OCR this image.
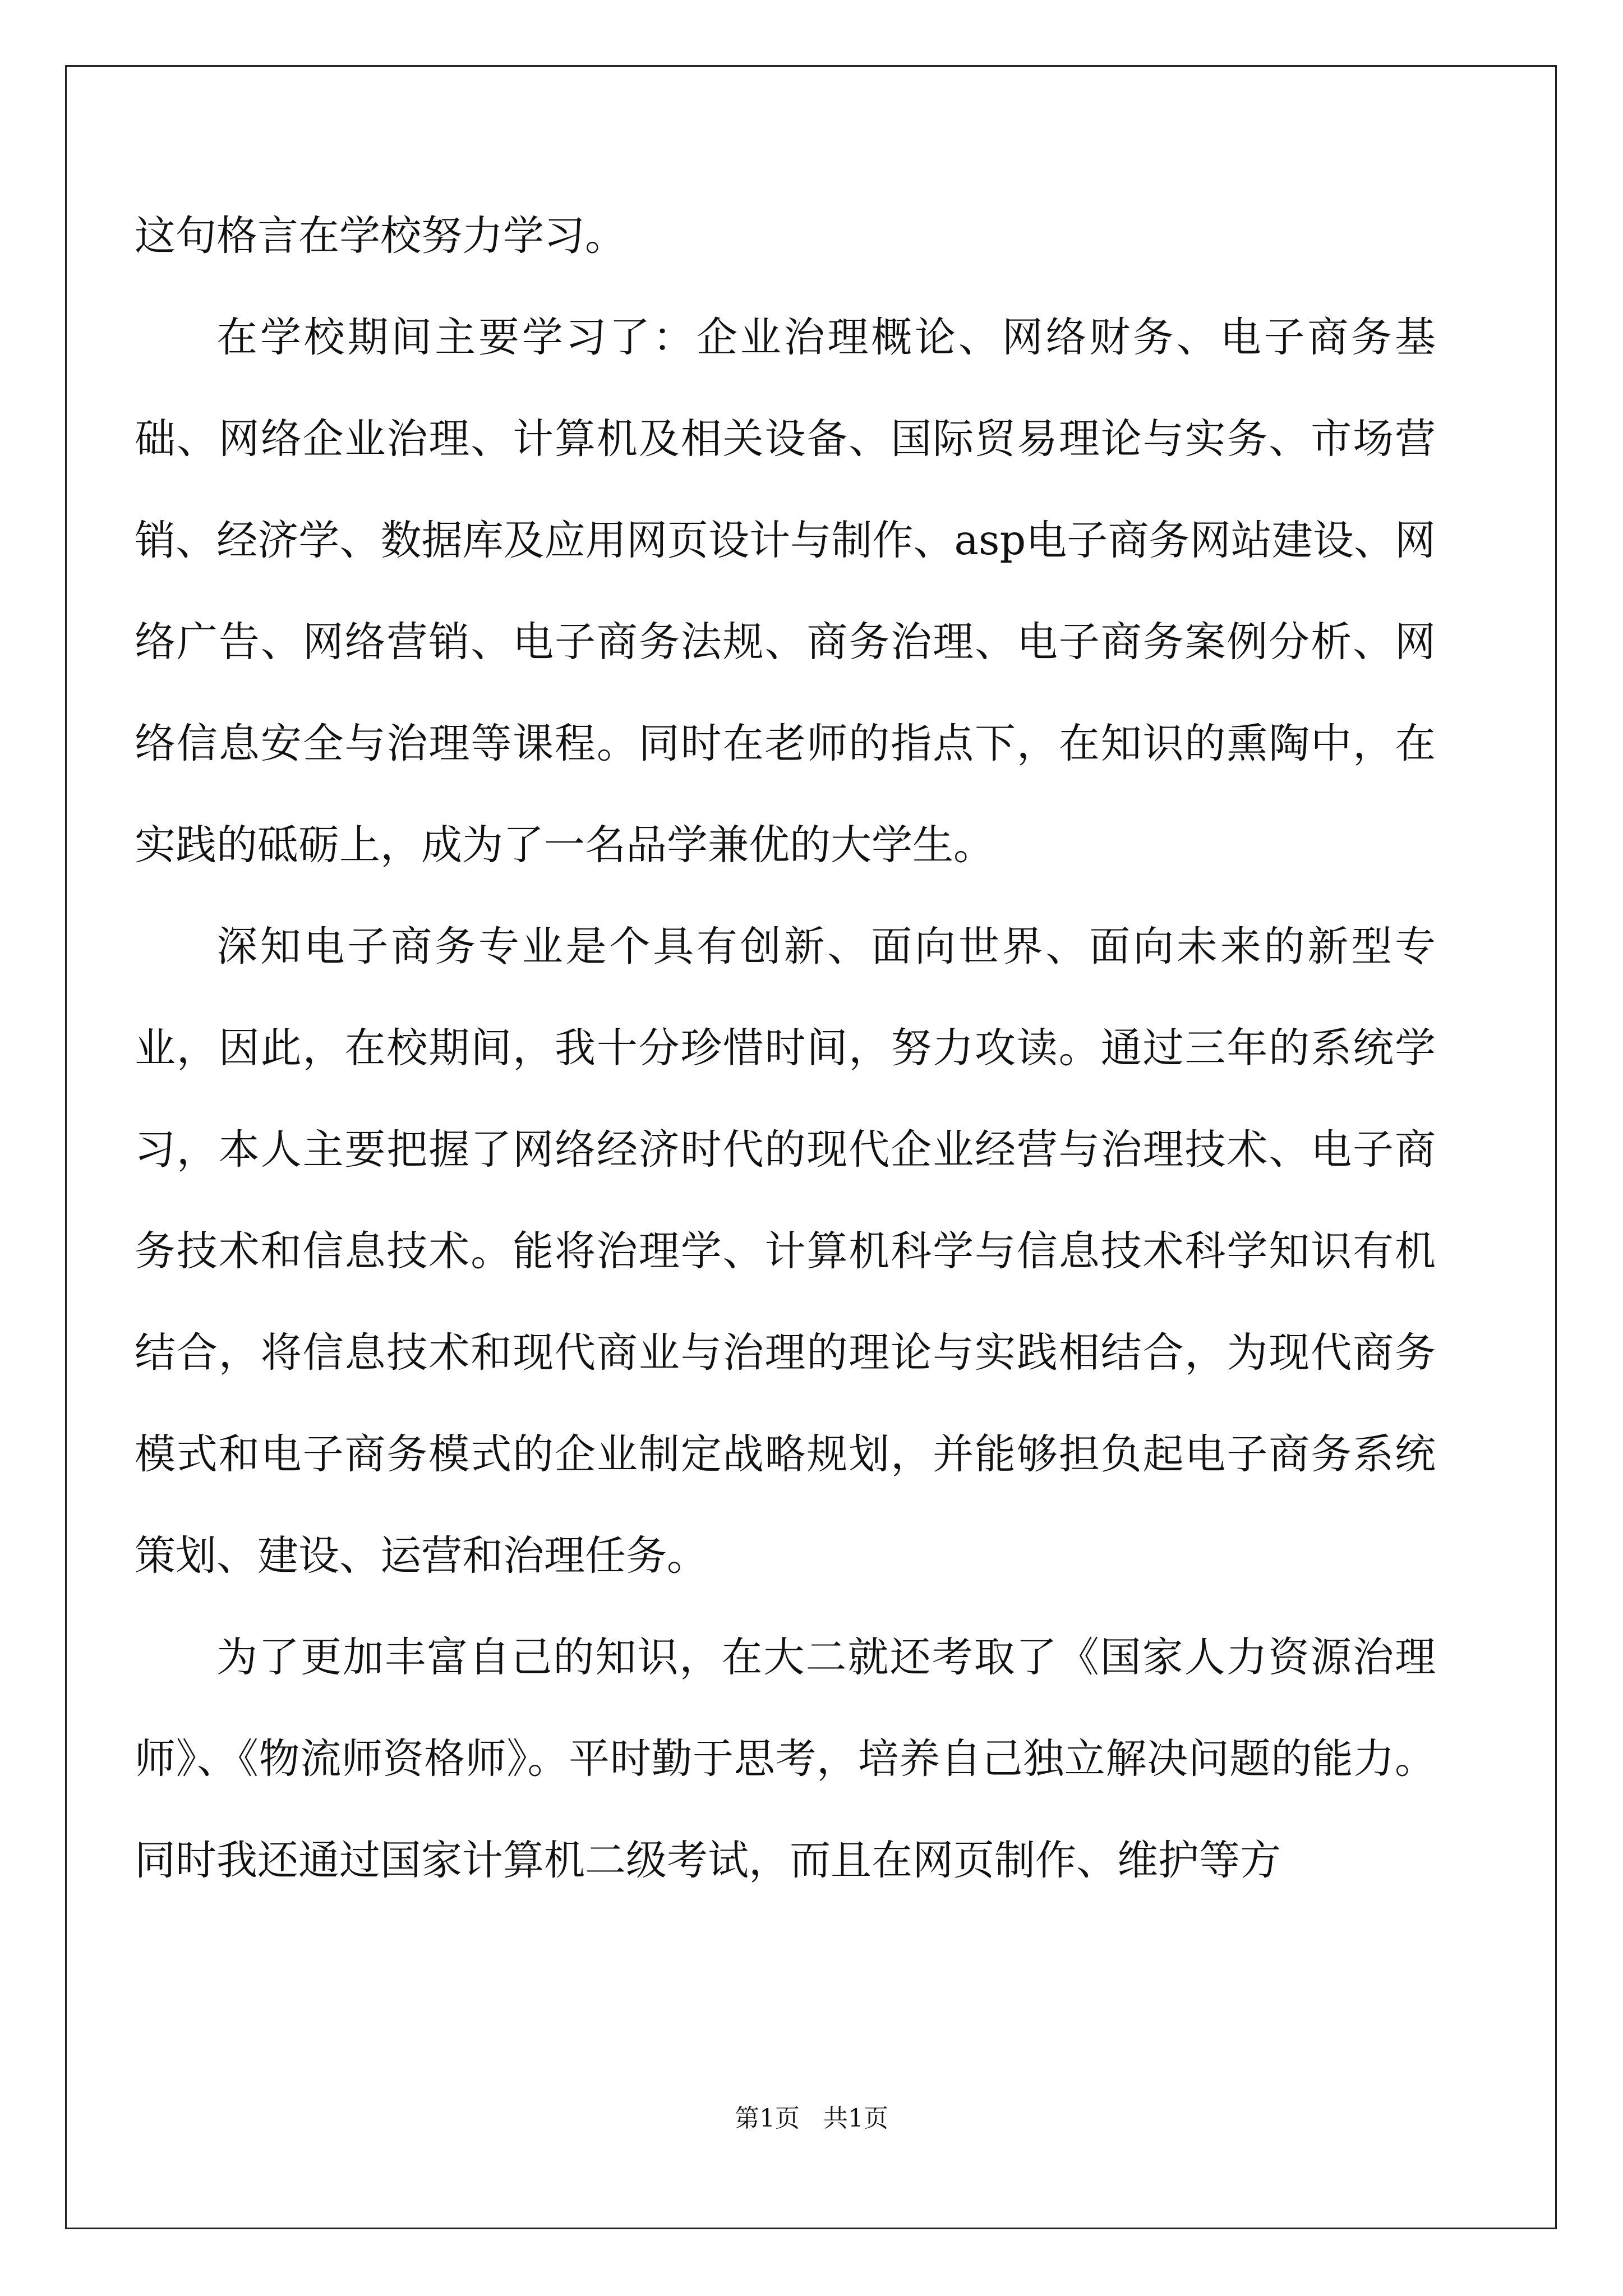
这句格言在学校努力学习。

在学校期间主要学习了：企业治理概论、网络财务、电子商务基础、网络企业治理、计算机及相关设备、国际贸易理论与实务、市场营销、经济学、数据库及应用网页设计与制作、asp电子商务网站建设、网络广告、网络营销、电子商务法规、商务治理、电子商务案例分析、网络信息安全与治理等课程。同时在老师的指点下，在知识的熏陶中，在实践的砥砺上，成为了一名品学兼优的大学生。

深知电子商务专业是个具有创新、面向世界、面向未来的新型专业，因此，在校期间，我十分珍惜时间，努力攻读。通过三年的系统学习，本人主要把握了网络经济时代的现代企业经营与治理技术、电子商务技术和信息技术。能将治理学、计算机科学与信息技术科学知识有机结合，将信息技术和现代商业与治理的理论与实践相结合，为现代商务模式和电子商务模式的企业制定战略规划，并能够担负起电子商务系统策划、建设、运营和治理任务。

为了更加丰富自己的知识，在大二就还考取了《国家人力资源治理师》、《物流师资格师》。平时勤于思考，培养自己独立解决问题的能力。同时我还通过国家计算机二级考试，而且在网页制作、维护等方

第1页   共1页
